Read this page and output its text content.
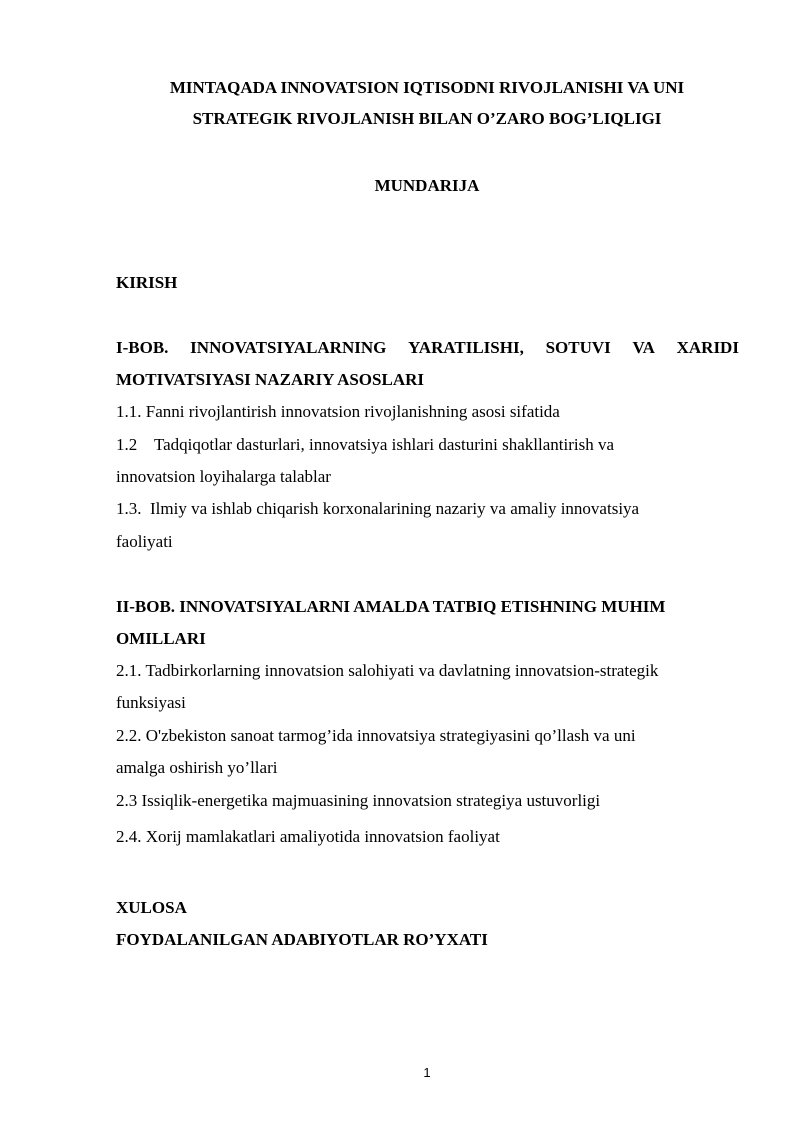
MINTAQADA INNOVATSION IQTISODNI RIVOJLANISHI VA UNI
STRATEGIK RIVOJLANISH BILAN O’ZARO BOG’LIQLIGI
MUNDARIJA
KIRISH
I-BOB. INNOVATSIYALARNING YARATILISHI, SOTUVI VA XARIDI
MOTIVATSIYASI NAZARIY ASOSLARI
1.1. Fanni rivojlantirish innovatsion rivojlanishning asosi sifatida
1.2    Tadqiqotlar dasturlari, innovatsiya ishlari dasturini shakllantirish va
innovatsion loyihalarga talablar
1.3.  Ilmiy va ishlab chiqarish korxonalarining nazariy va amaliy innovatsiya
faoliyati
II-BOB. INNOVATSIYALARNI AMALDA TATBIQ ETISHNING MUHIM
OMILLARI
2.1. Tadbirkorlarning innovatsion salohiyati va davlatning innovatsion-strategik
funksiyasi
2.2. O'zbekiston sanoat tarmog’ida innovatsiya strategiyasini qo’llash va uni
amalga oshirish yo’llari
2.3 Issiqlik-energetika majmuasining innovatsion strategiya ustuvorligi
2.4. Xorij mamlakatlari amaliyotida innovatsion faoliyat
XULOSA
FOYDALANILGAN ADABIYOTLAR RO’YXATI
1
